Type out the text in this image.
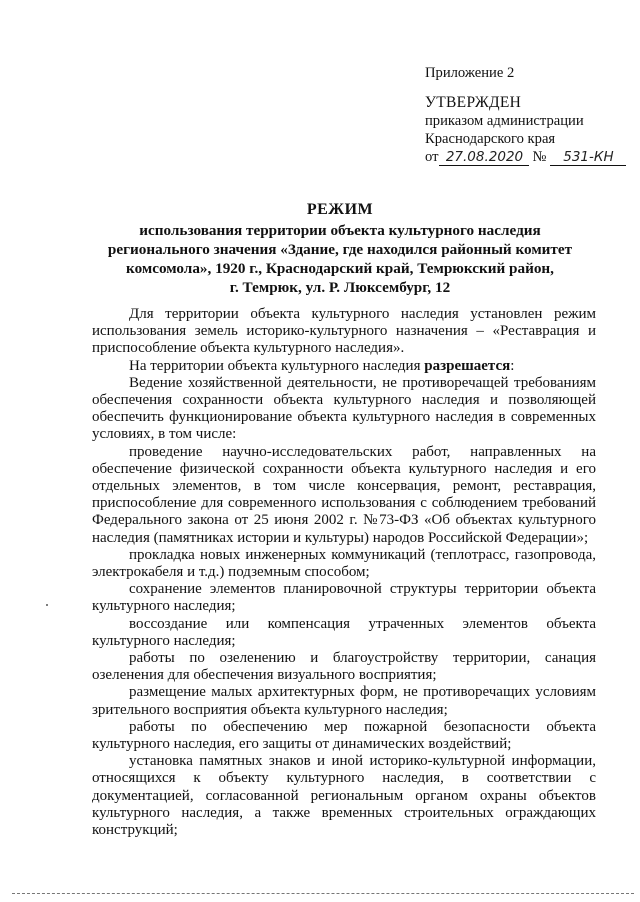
Приложение 2
УТВЕРЖДЕН
приказом администрации
Краснодарского края
от 27.08.2020 №	531-КН
РЕЖИМ
использования территории объекта культурного наследия
регионального значения «Здание, где находился районный комитет
комсомола», 1920 г., Краснодарский край, Темрюкский район,
г. Темрюк, ул. Р. Люксембург, 12

Для территории объекта культурного наследия установлен режим использования земель историко-культурного назначения – «Реставрация и приспособление объекта культурного наследия».

На территории объекта культурного наследия разрешается:

Ведение хозяйственной деятельности, не противоречащей требованиям обеспечения сохранности объекта культурного наследия и позволяющей обеспечить функционирование объекта культурного наследия в современных условиях, в том числе:

проведение научно-исследовательских работ, направленных на обеспечение физической сохранности объекта культурного наследия и его отдельных элементов, в том числе консервация, ремонт, реставрация, приспособление для современного использования с соблюдением требований Федерального закона от 25 июня 2002 г. №73-ФЗ «Об объектах культурного наследия (памятниках истории и культуры) народов Российской Федерации»;

прокладка новых инженерных коммуникаций (теплотрасс, газопровода, электрокабеля и т.д.) подземным способом;

сохранение элементов планировочной структуры территории объекта культурного наследия;

воссоздание или компенсация утраченных элементов объекта культурного наследия;

работы по озеленению и благоустройству территории, санация озеленения для обеспечения визуального восприятия;

размещение малых архитектурных форм, не противоречащих условиям зрительного восприятия объекта культурного наследия;

работы по обеспечению мер пожарной безопасности объекта культурного наследия, его защиты от динамических воздействий;

установка памятных знаков и иной историко-культурной информации, относящихся к объекту культурного наследия, в соответствии с документацией, согласованной региональным органом охраны объектов культурного наследия, а также временных строительных ограждающих конструкций;
